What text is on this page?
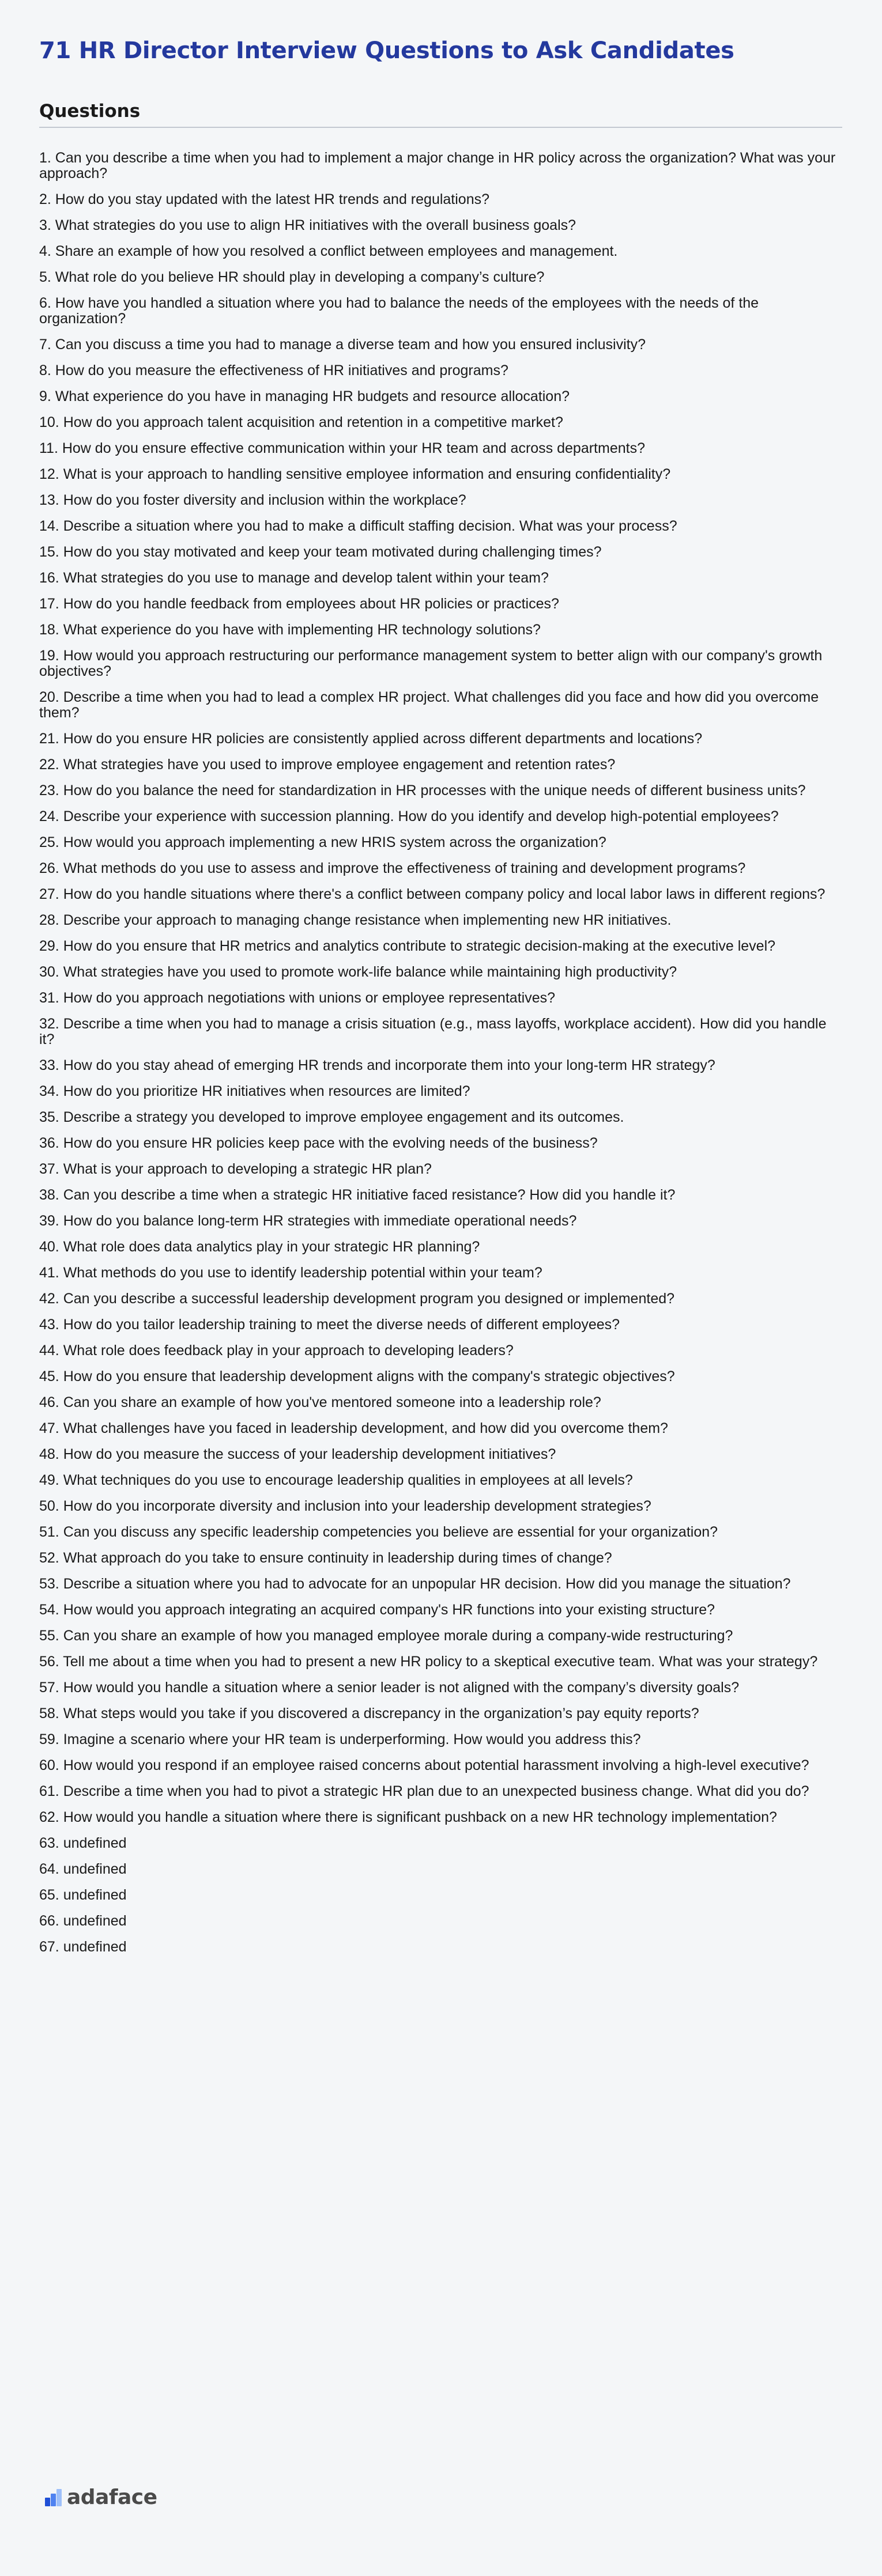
71 HR Director Interview Questions to Ask Candidates
Questions
1. Can you describe a time when you had to implement a major change in HR policy across the organization? What was your approach?
2. How do you stay updated with the latest HR trends and regulations?
3. What strategies do you use to align HR initiatives with the overall business goals?
4. Share an example of how you resolved a conflict between employees and management.
5. What role do you believe HR should play in developing a company’s culture?
6. How have you handled a situation where you had to balance the needs of the employees with the needs of the organization?
7. Can you discuss a time you had to manage a diverse team and how you ensured inclusivity?
8. How do you measure the effectiveness of HR initiatives and programs?
9. What experience do you have in managing HR budgets and resource allocation?
10. How do you approach talent acquisition and retention in a competitive market?
11. How do you ensure effective communication within your HR team and across departments?
12. What is your approach to handling sensitive employee information and ensuring confidentiality?
13. How do you foster diversity and inclusion within the workplace?
14. Describe a situation where you had to make a difficult staffing decision. What was your process?
15. How do you stay motivated and keep your team motivated during challenging times?
16. What strategies do you use to manage and develop talent within your team?
17. How do you handle feedback from employees about HR policies or practices?
18. What experience do you have with implementing HR technology solutions?
19. How would you approach restructuring our performance management system to better align with our company's growth objectives?
20. Describe a time when you had to lead a complex HR project. What challenges did you face and how did you overcome them?
21. How do you ensure HR policies are consistently applied across different departments and locations?
22. What strategies have you used to improve employee engagement and retention rates?
23. How do you balance the need for standardization in HR processes with the unique needs of different business units?
24. Describe your experience with succession planning. How do you identify and develop high-potential employees?
25. How would you approach implementing a new HRIS system across the organization?
26. What methods do you use to assess and improve the effectiveness of training and development programs?
27. How do you handle situations where there's a conflict between company policy and local labor laws in different regions?
28. Describe your approach to managing change resistance when implementing new HR initiatives.
29. How do you ensure that HR metrics and analytics contribute to strategic decision-making at the executive level?
30. What strategies have you used to promote work-life balance while maintaining high productivity?
31. How do you approach negotiations with unions or employee representatives?
32. Describe a time when you had to manage a crisis situation (e.g., mass layoffs, workplace accident). How did you handle it?
33. How do you stay ahead of emerging HR trends and incorporate them into your long-term HR strategy?
34. How do you prioritize HR initiatives when resources are limited?
35. Describe a strategy you developed to improve employee engagement and its outcomes.
36. How do you ensure HR policies keep pace with the evolving needs of the business?
37. What is your approach to developing a strategic HR plan?
38. Can you describe a time when a strategic HR initiative faced resistance? How did you handle it?
39. How do you balance long-term HR strategies with immediate operational needs?
40. What role does data analytics play in your strategic HR planning?
41. What methods do you use to identify leadership potential within your team?
42. Can you describe a successful leadership development program you designed or implemented?
43. How do you tailor leadership training to meet the diverse needs of different employees?
44. What role does feedback play in your approach to developing leaders?
45. How do you ensure that leadership development aligns with the company's strategic objectives?
46. Can you share an example of how you've mentored someone into a leadership role?
47. What challenges have you faced in leadership development, and how did you overcome them?
48. How do you measure the success of your leadership development initiatives?
49. What techniques do you use to encourage leadership qualities in employees at all levels?
50. How do you incorporate diversity and inclusion into your leadership development strategies?
51. Can you discuss any specific leadership competencies you believe are essential for your organization?
52. What approach do you take to ensure continuity in leadership during times of change?
53. Describe a situation where you had to advocate for an unpopular HR decision. How did you manage the situation?
54. How would you approach integrating an acquired company's HR functions into your existing structure?
55. Can you share an example of how you managed employee morale during a company-wide restructuring?
56. Tell me about a time when you had to present a new HR policy to a skeptical executive team. What was your strategy?
57. How would you handle a situation where a senior leader is not aligned with the company’s diversity goals?
58. What steps would you take if you discovered a discrepancy in the organization’s pay equity reports?
59. Imagine a scenario where your HR team is underperforming. How would you address this?
60. How would you respond if an employee raised concerns about potential harassment involving a high-level executive?
61. Describe a time when you had to pivot a strategic HR plan due to an unexpected business change. What did you do?
62. How would you handle a situation where there is significant pushback on a new HR technology implementation?
63. undefined
64. undefined
65. undefined
66. undefined
67. undefined
adaface
